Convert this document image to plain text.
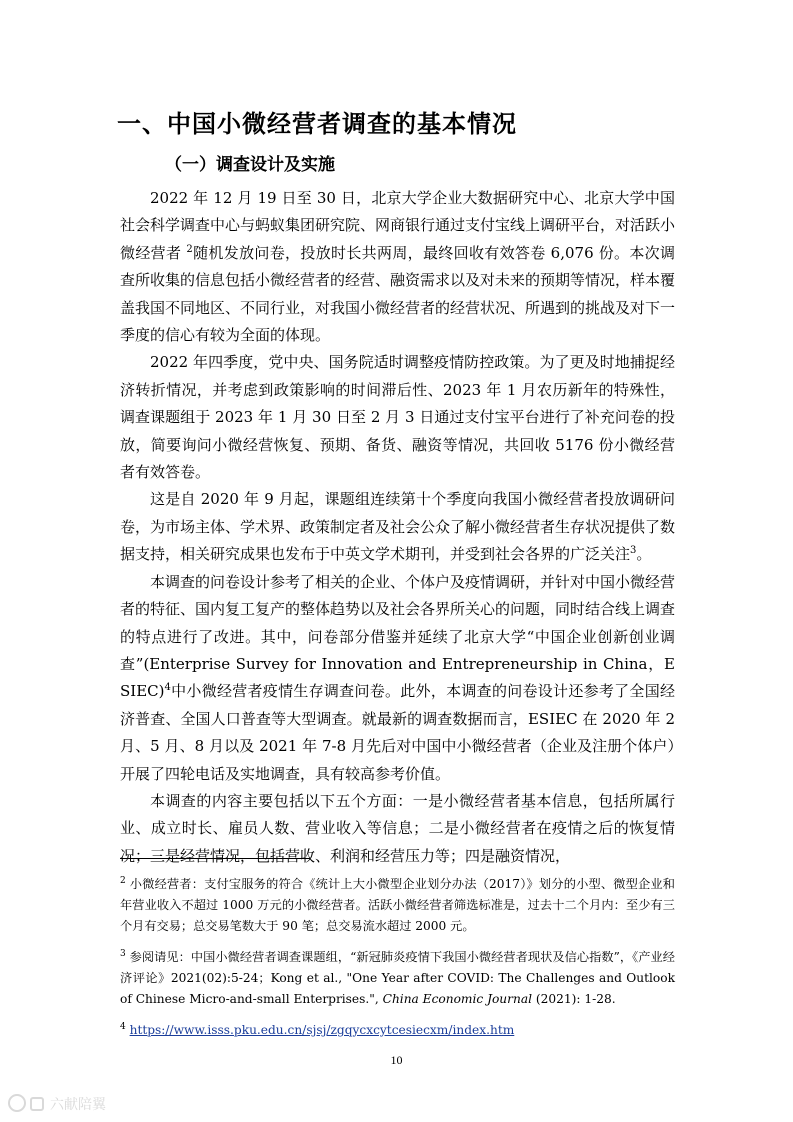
一、中国小微经营者调查的基本情况
（一）调查设计及实施

2022 年 12 月 19 日至 30 日，北京大学企业大数据研究中心、北京大学中国社会科学调查中心与蚂蚁集团研究院、网商银行通过支付宝线上调研平台，对活跃小微经营者 $^2$随机发放问卷，投放时长共两周，最终回收有效答卷 6,076 份。本次调查所收集的信息包括小微经营者的经营、融资需求以及对未来的预期等情况，样本覆盖我国不同地区、不同行业，对我国小微经营者的经营状况、所遇到的挑战及对下一季度的信心有较为全面的体现。

2022 年四季度，党中央、国务院适时调整疫情防控政策。为了更及时地捕捉经济转折情况，并考虑到政策影响的时间滞后性、2023 年 1 月农历新年的特殊性，调查课题组于 2023 年 1 月 30 日至 2 月 3 日通过支付宝平台进行了补充问卷的投放，简要询问小微经营恢复、预期、备货、融资等情况，共回收 5176 份小微经营者有效答卷。

这是自 2020 年 9 月起，课题组连续第十个季度向我国小微经营者投放调研问卷，为市场主体、学术界、政策制定者及社会公众了解小微经营者生存状况提供了数据支持，相关研究成果也发布于中英文学术期刊，并受到社会各界的广泛关注$^3$。

本调查的问卷设计参考了相关的企业、个体户及疫情调研，并针对中国小微经营者的特征、国内复工复产的整体趋势以及社会各界所关心的问题，同时结合线上调查的特点进行了改进。其中，问卷部分借鉴并延续了北京大学“中国企业创新创业调查”(Enterprise Survey for Innovation and Entrepreneurship in China，ESIEC)$^4$中小微经营者疫情生存调查问卷。此外，本调查的问卷设计还参考了全国经济普查、全国人口普查等大型调查。就最新的调查数据而言，ESIEC 在 2020 年 2 月、5 月、8 月以及 2021 年 7-8 月先后对中国中小微经营者（企业及注册个体户）开展了四轮电话及实地调查，具有较高参考价值。

本调查的内容主要包括以下五个方面：一是小微经营者基本信息，包括所属行业、成立时长、雇员人数、营业收入等信息；二是小微经营者在疫情之后的恢复情况；三是经营情况，包括营收、利润和经营压力等；四是融资情况，

$^2$ 小微经营者：支付宝服务的符合《统计上大小微型企业划分办法（2017）》划分的小型、微型企业和年营业收入不超过 1000 万元的小微经营者。活跃小微经营者筛选标准是，过去十二个月内：至少有三个月有交易；总交易笔数大于 90 笔；总交易流水超过 2000 元。

$^3$ 参阅请见：中国小微经营者调查课题组，“新冠肺炎疫情下我国小微经营者现状及信心指数”，《产业经济评论》2021(02):5-24；Kong et al., "One Year after COVID: The Challenges and Outlook of Chinese Micro-and-small Enterprises.", China Economic Journal (2021): 1-28.

$^4$ https://www.isss.pku.edu.cn/sjsj/zgqycxcytcesiecxm/index.htm

10
六献陪翼
